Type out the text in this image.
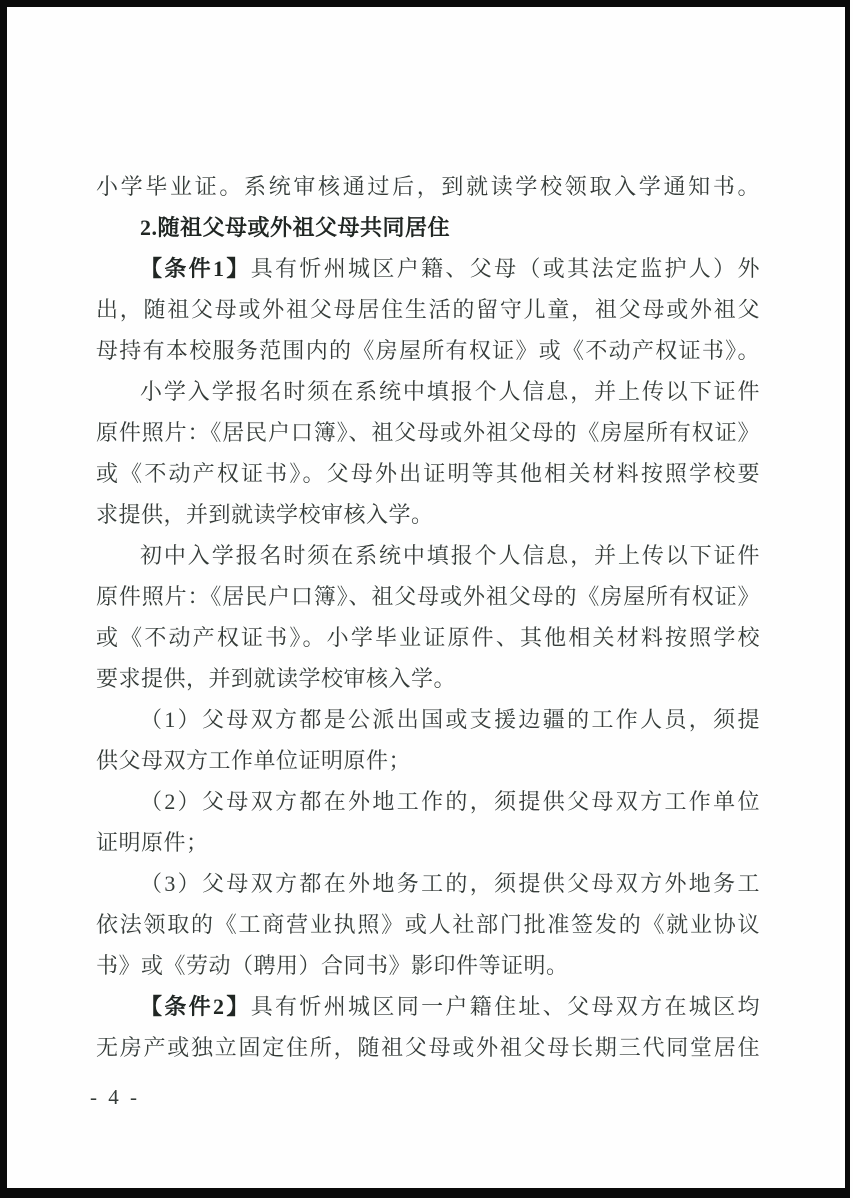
小学毕业证。系统审核通过后，到就读学校领取入学通知书。
2.随祖父母或外祖父母共同居住
【条件1】具有忻州城区户籍、父母（或其法定监护人）外
出，随祖父母或外祖父母居住生活的留守儿童，祖父母或外祖父
母持有本校服务范围内的《房屋所有权证》或《不动产权证书》。
小学入学报名时须在系统中填报个人信息，并上传以下证件
原件照片：《居民户口簿》、祖父母或外祖父母的《房屋所有权证》
或《不动产权证书》。父母外出证明等其他相关材料按照学校要
求提供，并到就读学校审核入学。
初中入学报名时须在系统中填报个人信息，并上传以下证件
原件照片：《居民户口簿》、祖父母或外祖父母的《房屋所有权证》
或《不动产权证书》。小学毕业证原件、其他相关材料按照学校
要求提供，并到就读学校审核入学。
（1）父母双方都是公派出国或支援边疆的工作人员，须提
供父母双方工作单位证明原件；
（2）父母双方都在外地工作的，须提供父母双方工作单位
证明原件；
（3）父母双方都在外地务工的，须提供父母双方外地务工
依法领取的《工商营业执照》或人社部门批准签发的《就业协议
书》或《劳动（聘用）合同书》影印件等证明。
【条件2】具有忻州城区同一户籍住址、父母双方在城区均
无房产或独立固定住所，随祖父母或外祖父母长期三代同堂居住
- 4 -
